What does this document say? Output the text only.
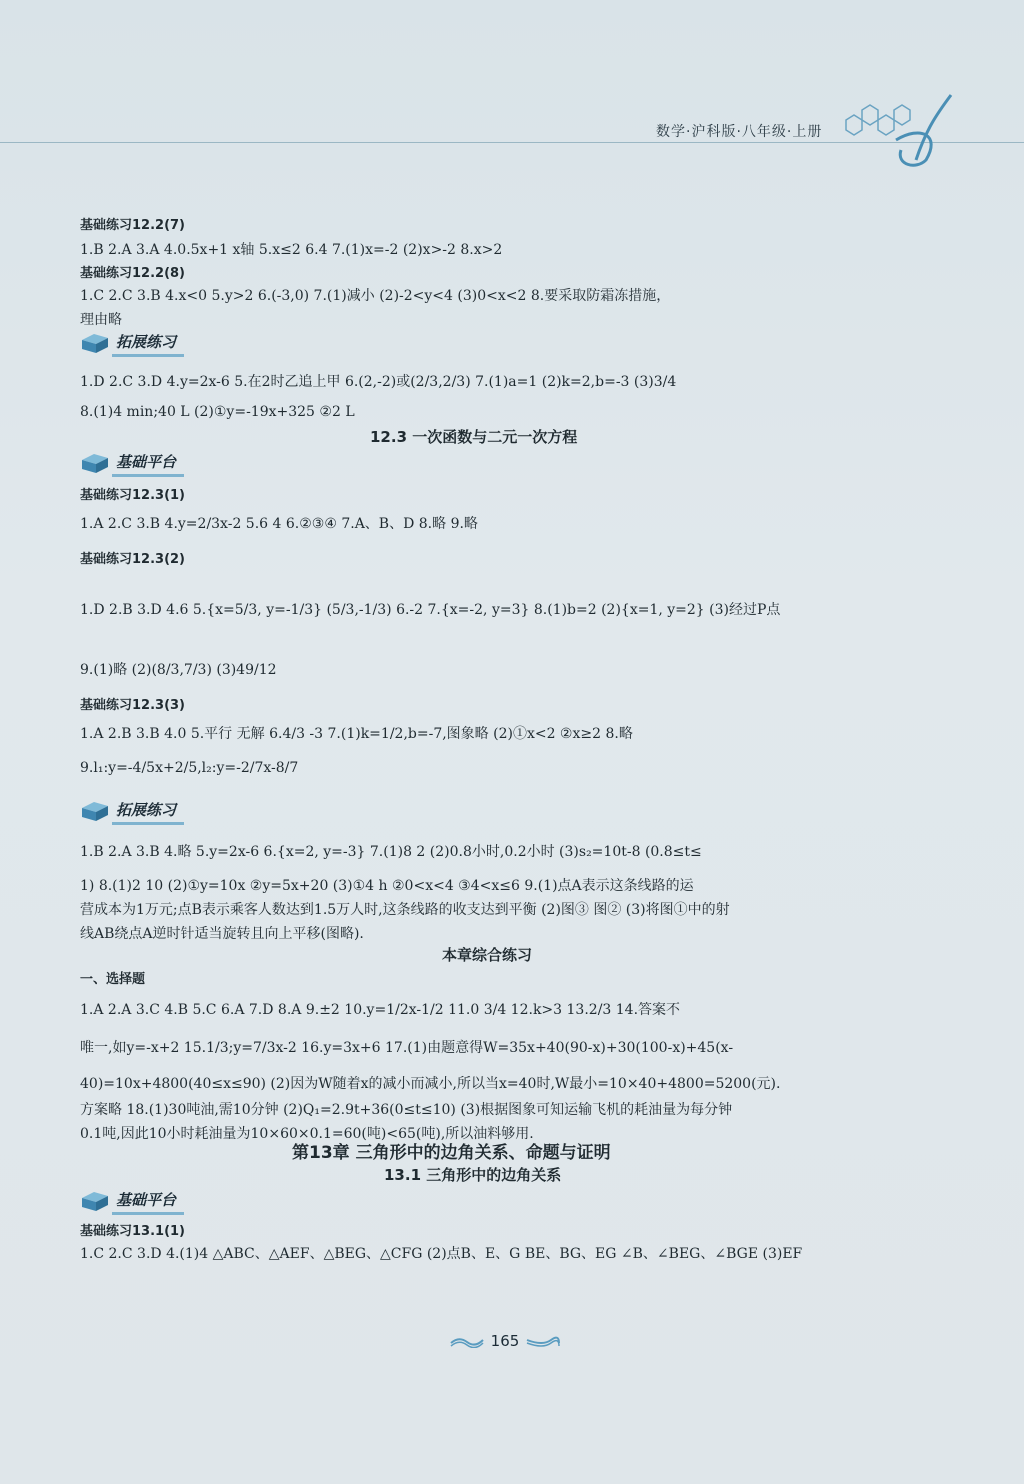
数学·沪科版·八年级·上册
基础练习12.2(7)
1.B 2.A 3.A 4.0.5x+1 x轴 5.x≤2 6.4 7.(1)x=-2 (2)x>-2 8.x>2
基础练习12.2(8)
1.C 2.C 3.B 4.x<0 5.y>2 6.(-3,0) 7.(1)减小 (2)-2<y<4 (3)0<x<2 8.要采取防霜冻措施，
理由略
拓展练习
1.D 2.C 3.D 4.y=2x-6 5.在2时乙追上甲 6.(2,-2)或(2/3,2/3) 7.(1)a=1 (2)k=2,b=-3 (3)3/4
8.(1)4 min;40 L (2)①y=-19x+325 ②2 L
12.3 一次函数与二元一次方程
基础平台
基础练习12.3(1)
1.A 2.C 3.B 4.y=2/3x-2 5.6 4 6.②③④ 7.A、B、D 8.略 9.略
基础练习12.3(2)
1.D 2.B 3.D 4.6 5.{x=5/3, y=-1/3} (5/3,-1/3) 6.-2 7.{x=-2, y=3} 8.(1)b=2 (2){x=1, y=2} (3)经过P点
9.(1)略 (2)(8/3,7/3) (3)49/12
基础练习12.3(3)
1.A 2.B 3.B 4.0 5.平行 无解 6.4/3 -3 7.(1)k=1/2,b=-7,图象略 (2)①x<2 ②x≥2 8.略
9.l₁:y=-4/5x+2/5,l₂:y=-2/7x-8/7
拓展练习
1.B 2.A 3.B 4.略 5.y=2x-6 6.{x=2, y=-3} 7.(1)8 2 (2)0.8小时,0.2小时 (3)s₂=10t-8 (0.8≤t≤
1) 8.(1)2 10 (2)①y=10x ②y=5x+20 (3)①4 h ②0<x<4 ③4<x≤6 9.(1)点A表示这条线路的运
营成本为1万元;点B表示乘客人数达到1.5万人时,这条线路的收支达到平衡 (2)图③ 图② (3)将图①中的射
线AB绕点A逆时针适当旋转且向上平移(图略).
本章综合练习
一、选择题
1.A 2.A 3.C 4.B 5.C 6.A 7.D 8.A 9.±2 10.y=1/2x-1/2 11.0 3/4 12.k>3 13.2/3 14.答案不
唯一,如y=-x+2 15.1/3;y=7/3x-2 16.y=3x+6 17.(1)由题意得W=35x+40(90-x)+30(100-x)+45(x-
40)=10x+4800(40≤x≤90) (2)因为W随着x的减小而减小,所以当x=40时,W最小=10×40+4800=5200(元).
方案略 18.(1)30吨油,需10分钟 (2)Q₁=2.9t+36(0≤t≤10) (3)根据图象可知运输飞机的耗油量为每分钟
0.1吨,因此10小时耗油量为10×60×0.1=60(吨)<65(吨),所以油料够用.
第13章 三角形中的边角关系、命题与证明
13.1 三角形中的边角关系
基础平台
基础练习13.1(1)
1.C 2.C 3.D 4.(1)4 △ABC、△AEF、△BEG、△CFG (2)点B、E、G BE、BG、EG ∠B、∠BEG、∠BGE (3)EF
165
